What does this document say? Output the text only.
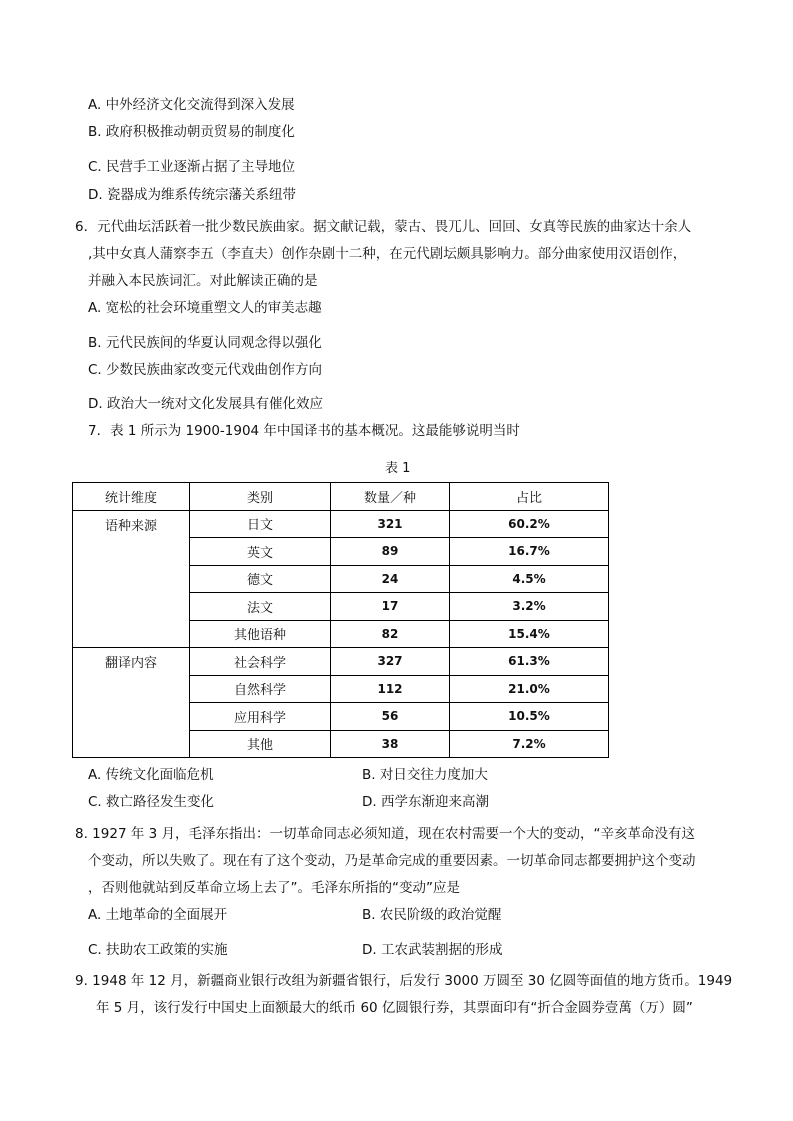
A. 中外经济文化交流得到深入发展
B. 政府积极推动朝贡贸易的制度化
C. 民营手工业逐渐占据了主导地位
D. 瓷器成为维系传统宗藩关系纽带
6．元代曲坛活跃着一批少数民族曲家。据文献记载，蒙古、畏兀儿、回回、女真等民族的曲家达十余人
,其中女真人蒲察李五（李直夫）创作杂剧十二种，在元代剧坛颇具影响力。部分曲家使用汉语创作，
并融入本民族词汇。对此解读正确的是
A. 宽松的社会环境重塑文人的审美志趣
B. 元代民族间的华夏认同观念得以强化
C. 少数民族曲家改变元代戏曲创作方向
D. 政治大一统对文化发展具有催化效应
7．表 1 所示为 1900-1904 年中国译书的基本概况。这最能够说明当时
表 1
统计维度	类别	数量／种	占比
语种来源	日文	321	60.2%
	英文	89	16.7%
	德文	24	4.5%
	法文	17	3.2%
	其他语种	82	15.4%
翻译内容	社会科学	327	61.3%
	自然科学	112	21.0%
	应用科学	56	10.5%
	其他	38	7.2%
A. 传统文化面临危机	B. 对日交往力度加大
C. 救亡路径发生变化	D. 西学东渐迎来高潮
8. 1927 年 3 月，毛泽东指出：一切革命同志必须知道，现在农村需要一个大的变动，“辛亥革命没有这
个变动，所以失败了。现在有了这个变动，乃是革命完成的重要因素。一切革命同志都要拥护这个变动
，否则他就站到反革命立场上去了”。毛泽东所指的“变动”应是
A. 土地革命的全面展开	B. 农民阶级的政治觉醒
C. 扶助农工政策的实施	D. 工农武装割据的形成
9. 1948 年 12 月，新疆商业银行改组为新疆省银行，后发行 3000 万圆至 30 亿圆等面值的地方货币。1949
年 5 月，该行发行中国史上面额最大的纸币 60 亿圆银行券，其票面印有“折合金圆券壹萬（万）圆”
